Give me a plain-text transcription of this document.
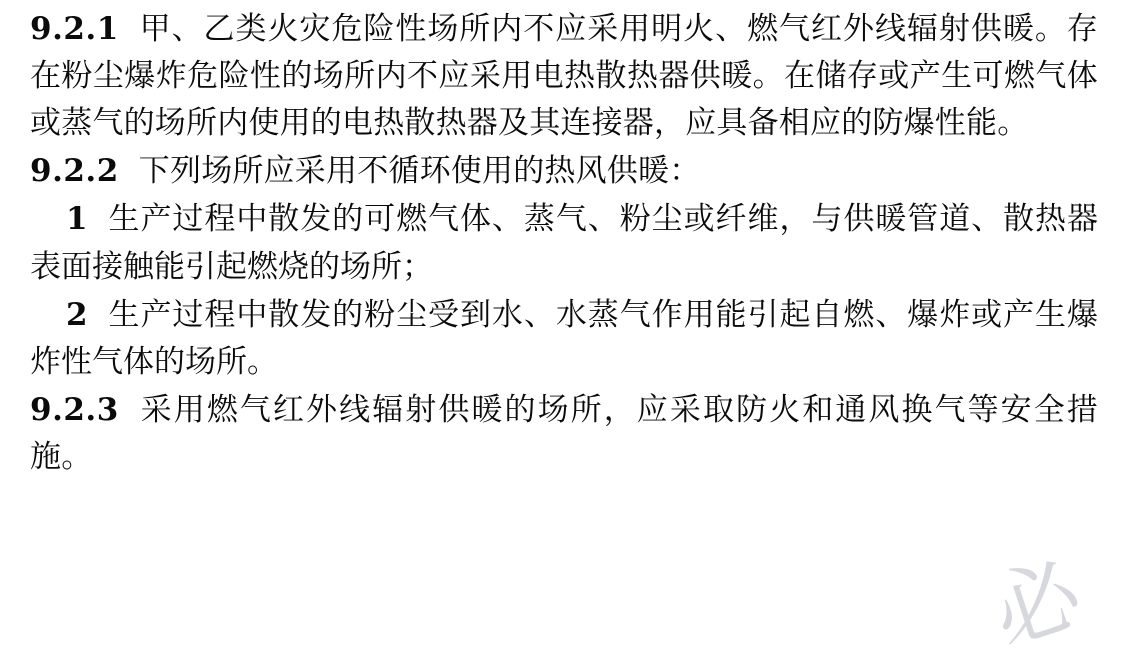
9.2.1 甲、乙类火灾危险性场所内不应采用明火、燃气红外线辐射供暖。存在粉尘爆炸危险性的场所内不应采用电热散热器供暖。在储存或产生可燃气体或蒸气的场所内使用的电热散热器及其连接器，应具备相应的防爆性能。

9.2.2 下列场所应采用不循环使用的热风供暖：

1 生产过程中散发的可燃气体、蒸气、粉尘或纤维，与供暖管道、散热器表面接触能引起燃烧的场所；

2 生产过程中散发的粉尘受到水、水蒸气作用能引起自燃、爆炸或产生爆炸性气体的场所。

9.2.3 采用燃气红外线辐射供暖的场所，应采取防火和通风换气等安全措施。

必
